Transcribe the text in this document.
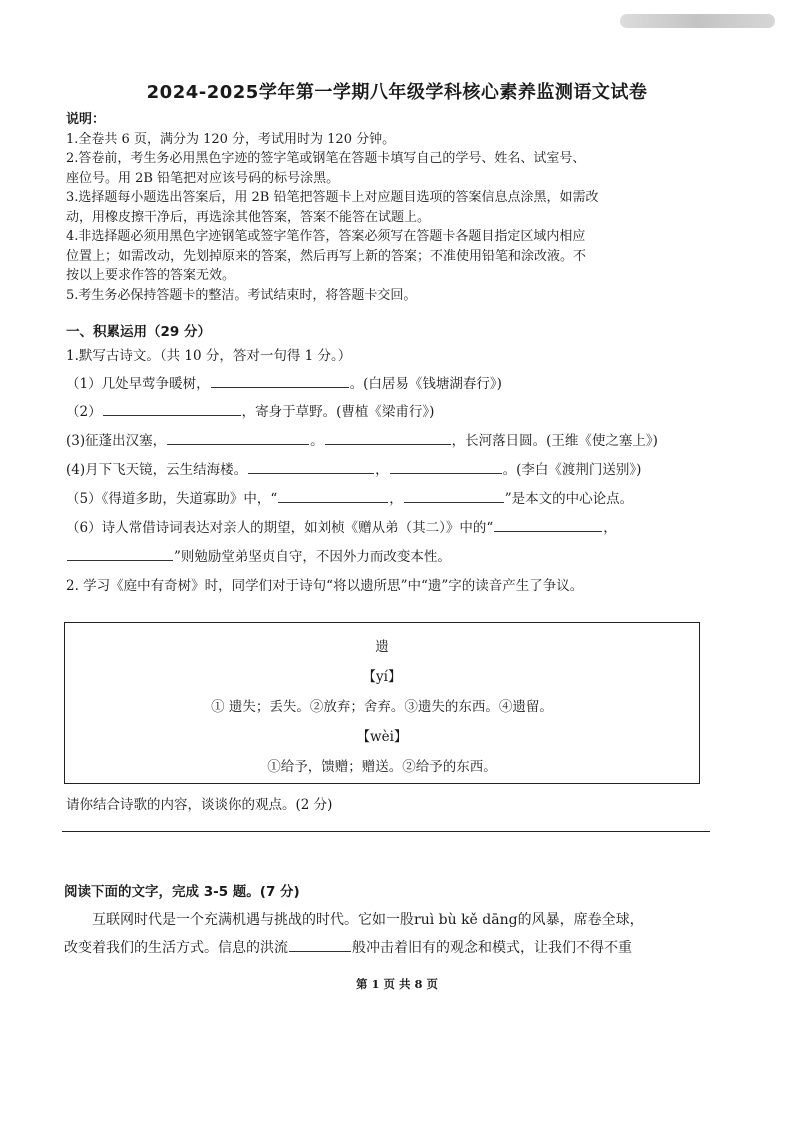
2024-2025学年第一学期八年级学科核心素养监测语文试卷
说明：
1.全卷共 6 页，满分为 120 分，考试用时为 120 分钟。
2.答卷前，考生务必用黑色字迹的签字笔或钢笔在答题卡填写自己的学号、姓名、试室号、
座位号。用 2B 铅笔把对应该号码的标号涂黑。
3.选择题每小题选出答案后，用 2B 铅笔把答题卡上对应题目选项的答案信息点涂黑，如需改
动，用橡皮擦干净后，再选涂其他答案，答案不能答在试题上。
4.非选择题必须用黑色字迹钢笔或签字笔作答，答案必须写在答题卡各题目指定区域内相应
位置上；如需改动，先划掉原来的答案，然后再写上新的答案；不准使用铅笔和涂改液。不
按以上要求作答的答案无效。
5.考生务必保持答题卡的整洁。考试结束时，将答题卡交回。
一、积累运用（29 分）
1.默写古诗文。（共 10 分，答对一句得 1 分。）
（1）几处早莺争暖树，	。(白居易《钱塘湖春行》)
（2）	，寄身于草野。(曹植《梁甫行》)
(3)征蓬出汉塞，	。	，长河落日圆。(王维《使之塞上》)
(4)月下飞天镜，云生结海楼。	，	。(李白《渡荆门送别》)
（5）《得道多助，失道寡助》中，“	，	”是本文的中心论点。
（6）诗人常借诗词表达对亲人的期望，如刘桢《赠从弟（其二）》中的“	，
”则勉励堂弟坚贞自守，不因外力而改变本性。
2. 学习《庭中有奇树》时，同学们对于诗句“将以遗所思”中“遗”字的读音产生了争议。
遗
【yí】
① 遗失；丢失。②放弃；舍弃。③遗失的东西。④遗留。
【wèi】
①给予，馈赠；赠送。②给予的东西。
请你结合诗歌的内容，谈谈你的观点。(2 分)
阅读下面的文字，完成 3-5 题。(7 分)
互联网时代是一个充满机遇与挑战的时代。它如一股ruì bù kě dāng的风暴，席卷全球，
改变着我们的生活方式。信息的洪流	般冲击着旧有的观念和模式，让我们不得不重
第 1 页 共 8 页
